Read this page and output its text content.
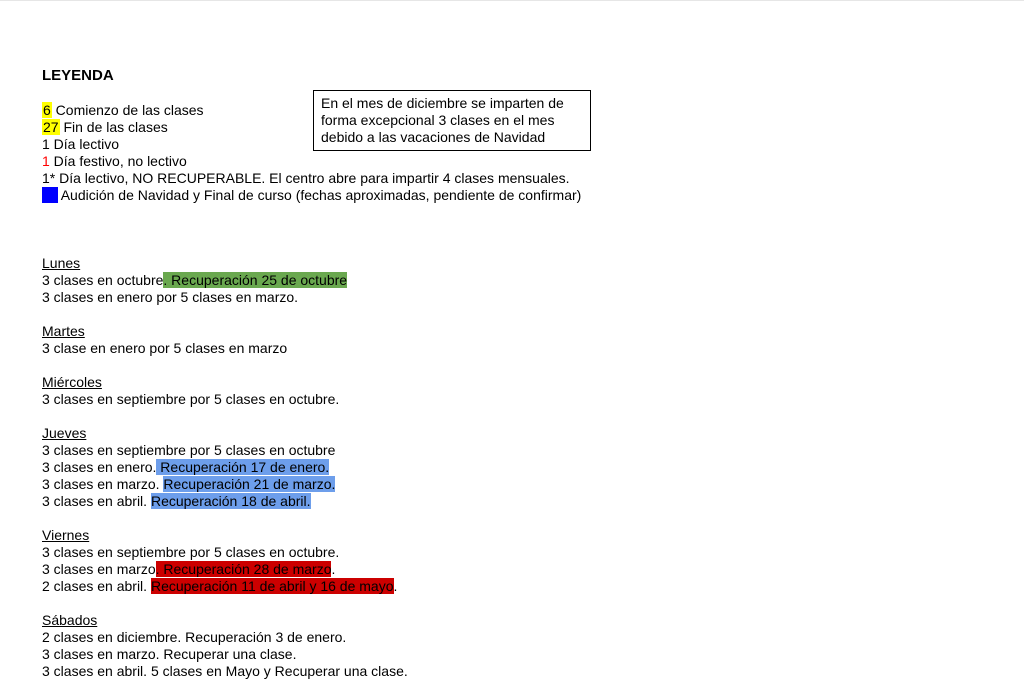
LEYENDA
6 Comienzo de las clases
27 Fin de las clases
1 Día lectivo
1 Día festivo, no lectivo
1* Día lectivo, NO RECUPERABLE. El centro abre para impartir 4 clases mensuales.
20 Audición de Navidad y Final de curso (fechas aproximadas, pendiente de confirmar)
En el mes de diciembre se imparten de forma excepcional 3 clases en el mes debido a las vacaciones de Navidad
Lunes
3 clases en octubre. Recuperación 25 de octubre
3 clases en enero por 5 clases en marzo.
Martes
3 clase en enero por 5 clases en marzo
Miércoles
3 clases en septiembre por 5 clases en octubre.
Jueves
3 clases en septiembre por 5 clases en octubre
3 clases en enero. Recuperación 17 de enero.
3 clases en marzo. Recuperación 21 de marzo.
3 clases en abril. Recuperación 18 de abril.
Viernes
3 clases en septiembre por 5 clases en octubre.
3 clases en marzo. Recuperación 28 de marzo.
2 clases en abril. Recuperación 11 de abril y 16 de mayo.
Sábados
2 clases en diciembre. Recuperación 3 de enero.
3 clases en marzo. Recuperar una clase.
3 clases en abril. 5 clases en Mayo y Recuperar una clase.
